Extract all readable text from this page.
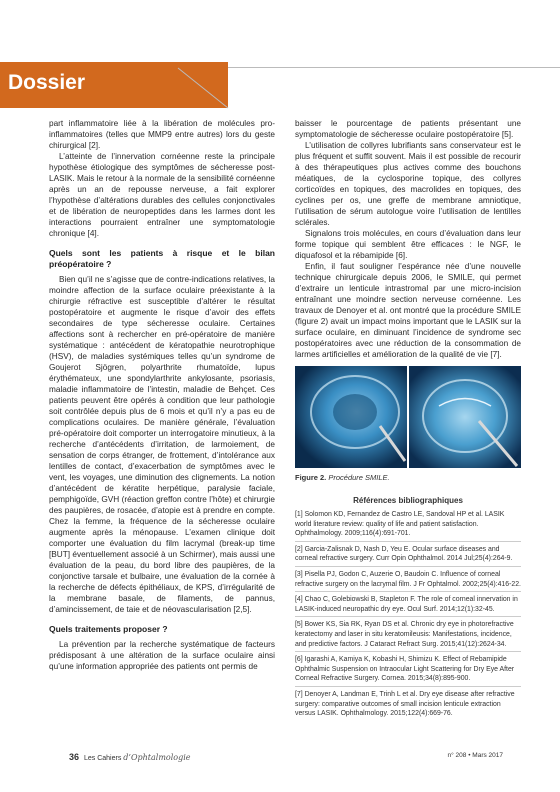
Dossier

part inflammatoire liée à la libération de molécules pro-inflammatoires (telles que MMP9 entre autres) lors du geste chirurgical [2].

L’atteinte de l’innervation cornéenne reste la principale hypothèse étiologique des symptômes de sécheresse post-LASIK. Mais le retour à la normale de la sensibilité cornéenne après un an de repousse nerveuse, a fait explorer l’hypothèse d’altérations durables des cellules conjonctivales et de libération de neuropeptides dans les larmes dont les interactions pourraient entraîner une symptomatologie chronique [4].

Quels sont les patients à risque et le bilan préopératoire ?

Bien qu’il ne s’agisse que de contre-indications relatives, la moindre affection de la surface oculaire préexistante à la chirurgie réfractive est susceptible d’altérer le résultat postopératoire et augmente le risque d’avoir des effets secondaires de type sécheresse oculaire. Certaines affections sont à rechercher en pré-opératoire de manière systématique : antécédent de kératopathie neurotrophique (HSV), de maladies systémiques telles qu’un syndrome de Goujerot Sjögren, polyarthrite rhumatoïde, lupus érythémateux, une spondylarthrite ankylosante, psoriasis, maladie inflammatoire de l’intestin, maladie de Behçet. Ces patients peuvent être opérés à condition que leur pathologie soit contrôlée depuis plus de 6 mois et qu’il n’y a pas eu de complications oculaires. De manière générale, l’évaluation pré-opératoire doit comporter un interrogatoire minutieux, à la recherche d’antécédents d’irritation, de larmoiement, de sensation de corps étranger, de frottement, d’intolérance aux lentilles de contact, d’exacerbation de symptômes avec le vent, les voyages, une diminution des clignements. La notion d’antécédent de kératite herpétique, paralysie faciale, pemphigoïde, GVH (réaction greffon contre l’hôte) et chirurgie des paupières, de rosacée, d’atopie est à prendre en compte. Chez la femme, la fréquence de la sécheresse oculaire augmente après la ménopause. L’examen clinique doit comporter une évaluation du film lacrymal (break-up time [BUT] éventuellement associé à un Schirmer), mais aussi une évaluation de la peau, du bord libre des paupières, de la conjonctive tarsale et bulbaire, une évaluation de la cornée à la recherche de défects épithéliaux, de KPS, d’irrégularité de la membrane basale, de filaments, de pannus, d’amincissement, de taie et de néovascularisation [2,5].

Quels traitements proposer ?

La prévention par la recherche systématique de facteurs prédisposant à une altération de la surface oculaire ainsi qu’une information appropriée des patients ont permis de

baisser le pourcentage de patients présentant une symptomatologie de sécheresse oculaire postopératoire [5].

L’utilisation de collyres lubrifiants sans conservateur est le plus fréquent et suffit souvent. Mais il est possible de recourir à des thérapeutiques plus actives comme des bouchons méatiques, de la cyclosporine topique, des collyres corticoïdes en topiques, des macrolides en topiques, des cyclines per os, une greffe de membrane amniotique, l’utilisation de sérum autologue voire l’utilisation de lentilles sclérales.

Signalons trois molécules, en cours d’évaluation dans leur forme topique qui semblent être efficaces : le NGF, le diquafosol et la rébamipide [6].

Enfin, il faut souligner l’espérance née d’une nouvelle technique chirurgicale depuis 2006, le SMILE, qui permet d’extraire un lenticule intrastromal par une micro-incision entraînant une moindre section nerveuse cornéenne. Les travaux de Denoyer et al. ont montré que la procédure SMILE (figure 2) avait un impact moins important que le LASIK sur la surface oculaire, en diminuant l’incidence de syndrome sec postopératoires avec une réduction de la consommation de larmes artificielles et amélioration de la qualité de vie [7].

Figure 2. Procédure SMILE.
Références bibliographiques

[1] Solomon KD, Fernandez de Castro LE, Sandoval HP et al. LASIK world literature review: quality of life and patient satisfaction. Ophthalmology. 2009;116(4):691-701.

[2] Garcia-Zalisnak D, Nash D, Yeu E. Ocular surface diseases and corneal refractive surgery. Curr Opin Ophthalmol. 2014 Jul;25(4):264-9.

[3] Pisella PJ, Godon C, Auzerie O, Baudoin C. Influence of corneal refractive surgery on the lacrymal film. J Fr Ophtalmol. 2002;25(4):416-22.

[4] Chao C, Golebiowski B, Stapleton F. The role of corneal innervation in LASIK-induced neuropathic dry eye. Ocul Surf. 2014;12(1):32-45.

[5] Bower KS, Sia RK, Ryan DS et al. Chronic dry eye in photorefractive keratectomy and laser in situ keratomileusis: Manifestations, incidence, and predictive factors. J Cataract Refract Surg. 2015;41(12):2624-34.

[6] Igarashi A, Kamiya K, Kobashi H, Shimizu K. Effect of Rebamipide Ophthalmic Suspension on Intraocular Light Scattering for Dry Eye After Corneal Refractive Surgery. Cornea. 2015;34(8):895-900.

[7] Denoyer A, Landman E, Trinh L et al. Dry eye disease after refractive surgery: comparative outcomes of small incision lenticule extraction versus LASIK. Ophthalmology. 2015;122(4):669-76.

36 Les Cahiers d’Ophtalmologie	n° 208 • Mars 2017
